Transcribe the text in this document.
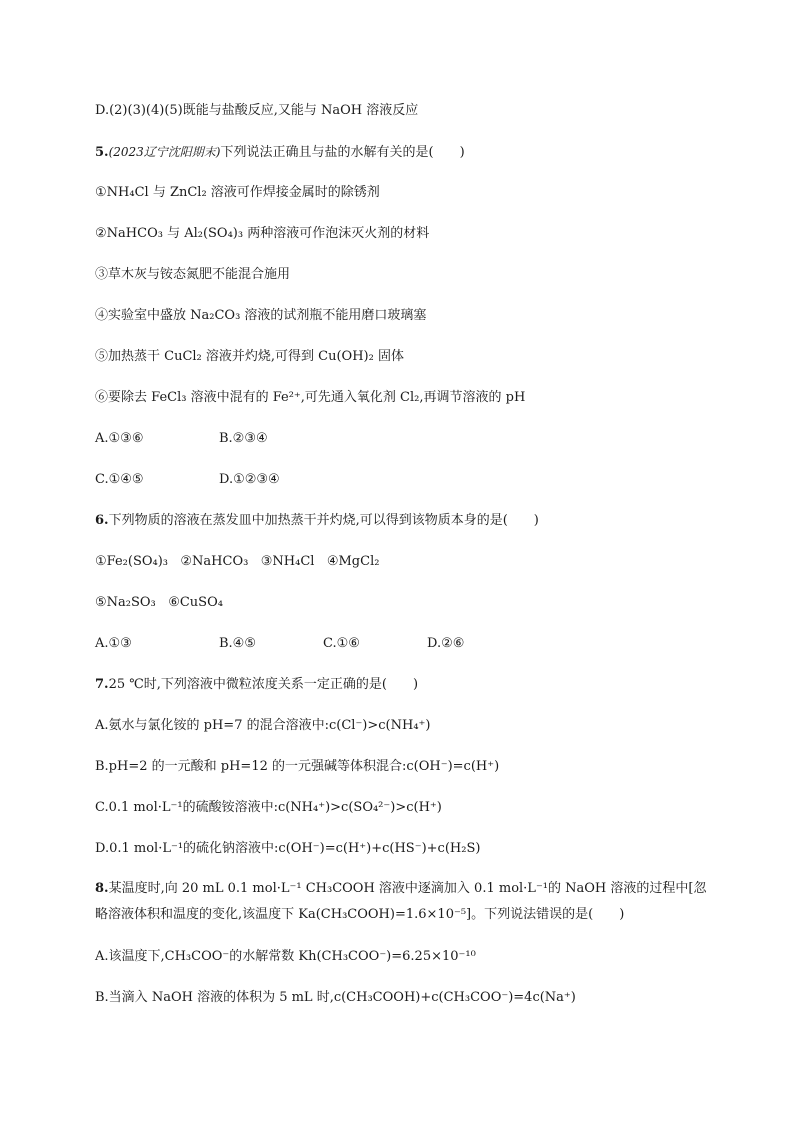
D.(2)(3)(4)(5)既能与盐酸反应,又能与 NaOH 溶液反应
5.(2023辽宁沈阳期末)下列说法正确且与盐的水解有关的是( )
①NH₄Cl 与 ZnCl₂ 溶液可作焊接金属时的除锈剂
②NaHCO₃ 与 Al₂(SO₄)₃ 两种溶液可作泡沫灭火剂的材料
③草木灰与铵态氮肥不能混合施用
④实验室中盛放 Na₂CO₃ 溶液的试剂瓶不能用磨口玻璃塞
⑤加热蒸干 CuCl₂ 溶液并灼烧,可得到 Cu(OH)₂ 固体
⑥要除去 FeCl₃ 溶液中混有的 Fe²⁺,可先通入氧化剂 Cl₂,再调节溶液的 pH
A.①③⑥	B.②③④
C.①④⑤	D.①②③④
6.下列物质的溶液在蒸发皿中加热蒸干并灼烧,可以得到该物质本身的是( )
①Fe₂(SO₄)₃ ②NaHCO₃ ③NH₄Cl ④MgCl₂
⑤Na₂SO₃ ⑥CuSO₄
A.①③	B.④⑤	C.①⑥	D.②⑥
7.25 ℃时,下列溶液中微粒浓度关系一定正确的是( )
A.氨水与氯化铵的 pH=7 的混合溶液中:c(Cl⁻)>c(NH₄⁺)
B.pH=2 的一元酸和 pH=12 的一元强碱等体积混合:c(OH⁻)=c(H⁺)
C.0.1 mol·L⁻¹的硫酸铵溶液中:c(NH₄⁺)>c(SO₄²⁻)>c(H⁺)
D.0.1 mol·L⁻¹的硫化钠溶液中:c(OH⁻)=c(H⁺)+c(HS⁻)+c(H₂S)
8.某温度时,向 20 mL 0.1 mol·L⁻¹ CH₃COOH 溶液中逐滴加入 0.1 mol·L⁻¹的 NaOH 溶液的过程中[忽略溶液体积和温度的变化,该温度下 Ka(CH₃COOH)=1.6×10⁻⁵]。下列说法错误的是( )
A.该温度下,CH₃COO⁻的水解常数 Kh(CH₃COO⁻)=6.25×10⁻¹⁰
B.当滴入 NaOH 溶液的体积为 5 mL 时,c(CH₃COOH)+c(CH₃COO⁻)=4c(Na⁺)
